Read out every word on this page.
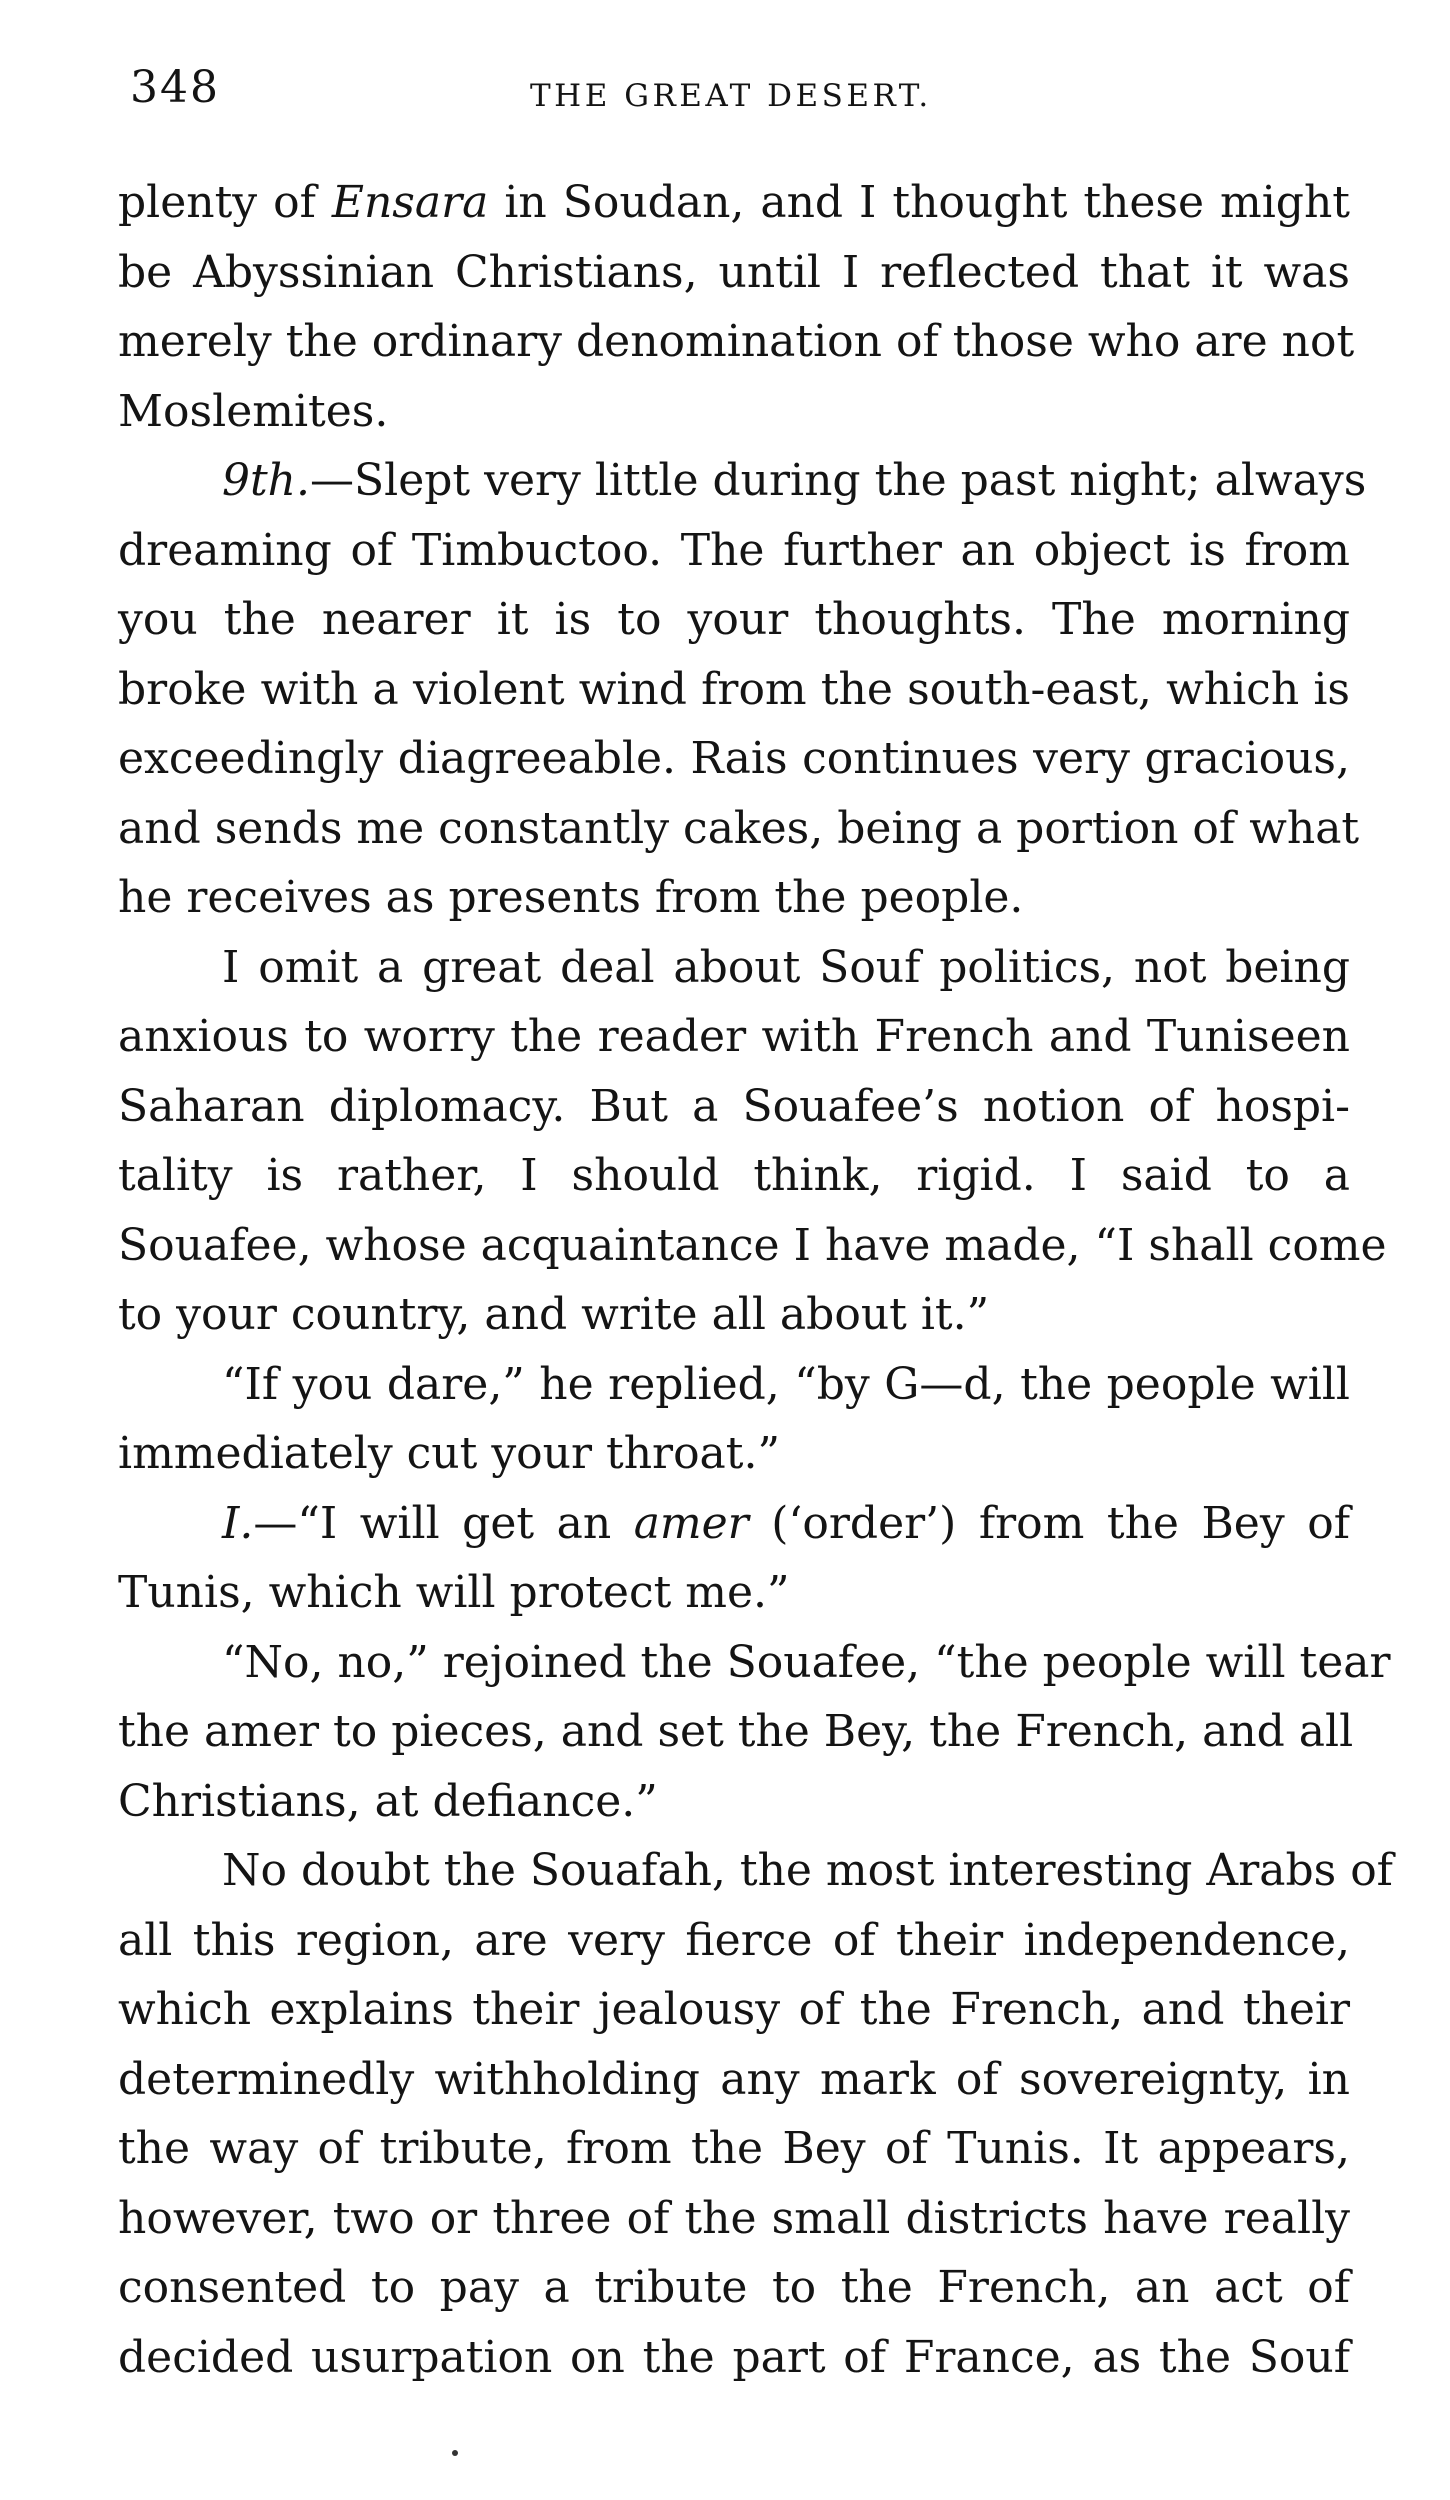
348	THE GREAT DESERT.
plenty of Ensara in Soudan, and I thought these might
be Abyssinian Christians, until I reflected that it was
merely the ordinary denomination of those who are not
Moslemites.
9th.—Slept very little during the past night; always
dreaming of Timbuctoo. The further an object is from
you the nearer it is to your thoughts. The morning
broke with a violent wind from the south-east, which is
exceedingly diagreeable. Rais continues very gracious,
and sends me constantly cakes, being a portion of what
he receives as presents from the people.
I omit a great deal about Souf politics, not being
anxious to worry the reader with French and Tuniseen
Saharan diplomacy. But a Souafee’s notion of hospi-
tality is rather, I should think, rigid. I said to a
Souafee, whose acquaintance I have made, “I shall come
to your country, and write all about it.”
“If you dare,” he replied, “by G—d, the people will
immediately cut your throat.”
I.—“I will get an amer (‘order’) from the Bey of
Tunis, which will protect me.”
“No, no,” rejoined the Souafee, “the people will tear
the amer to pieces, and set the Bey, the French, and all
Christians, at defiance.”
No doubt the Souafah, the most interesting Arabs of
all this region, are very fierce of their independence,
which explains their jealousy of the French, and their
determinedly withholding any mark of sovereignty, in
the way of tribute, from the Bey of Tunis. It appears,
however, two or three of the small districts have really
consented to pay a tribute to the French, an act of
decided usurpation on the part of France, as the Souf
